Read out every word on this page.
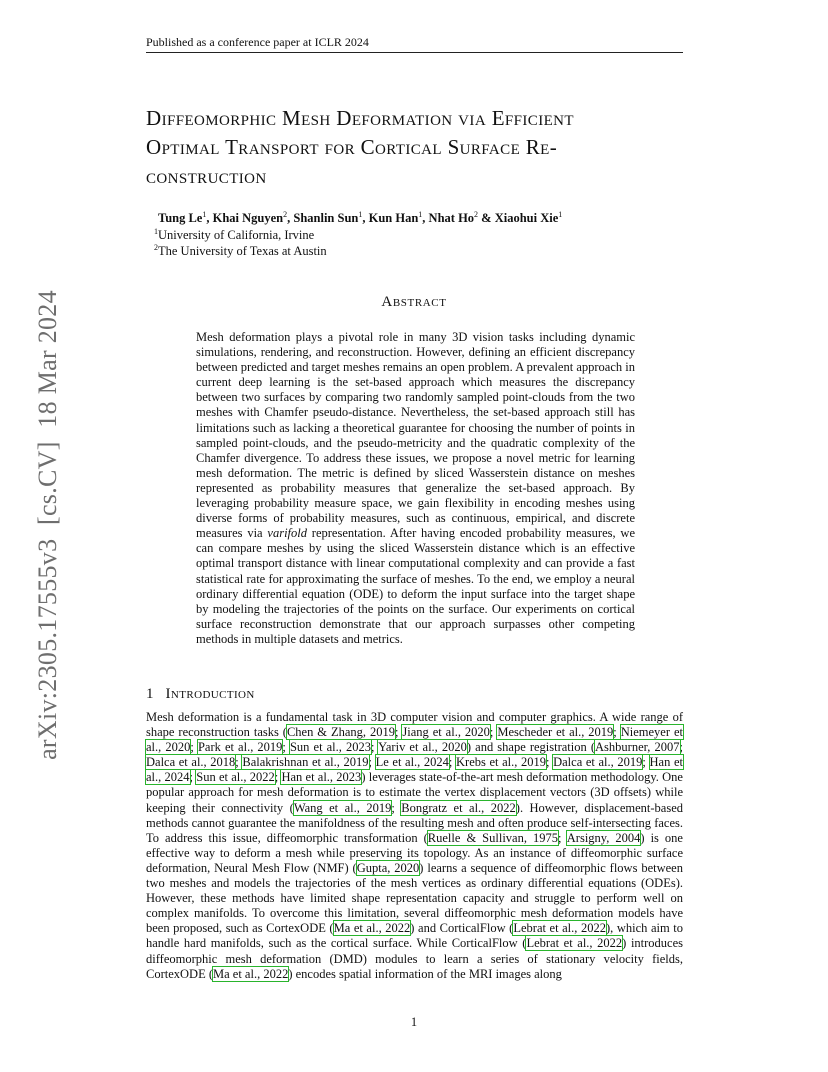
Published as a conference paper at ICLR 2024
arXiv:2305.17555v3  [cs.CV]  18 Mar 2024
Diffeomorphic Mesh Deformation via Efficient
Optimal Transport for Cortical Surface Re-
construction
Tung Le$^1$, Khai Nguyen$^2$, Shanlin Sun$^1$, Kun Han$^1$, Nhat Ho$^2$ & Xiaohui Xie$^1$
$^1$University of California, Irvine
$^2$The University of Texas at Austin
Abstract
Mesh deformation plays a pivotal role in many 3D vision tasks including dynamic simulations, rendering, and reconstruction. However, defining an efficient discrepancy between predicted and target meshes remains an open problem. A prevalent approach in current deep learning is the set-based approach which measures the discrepancy between two surfaces by comparing two randomly sampled point-clouds from the two meshes with Chamfer pseudo-distance. Nevertheless, the set-based approach still has limitations such as lacking a theoretical guarantee for choosing the number of points in sampled point-clouds, and the pseudo-metricity and the quadratic complexity of the Chamfer divergence. To address these issues, we propose a novel metric for learning mesh deformation. The metric is defined by sliced Wasserstein distance on meshes represented as probability measures that generalize the set-based approach. By leveraging probability measure space, we gain flexibility in encoding meshes using diverse forms of probability measures, such as continuous, empirical, and discrete measures via varifold representation. After having encoded probability measures, we can compare meshes by using the sliced Wasserstein distance which is an effective optimal transport distance with linear computational complexity and can provide a fast statistical rate for approximating the surface of meshes. To the end, we employ a neural ordinary differential equation (ODE) to deform the input surface into the target shape by modeling the trajectories of the points on the surface. Our experiments on cortical surface reconstruction demonstrate that our approach surpasses other competing methods in multiple datasets and metrics.
1 Introduction
Mesh deformation is a fundamental task in 3D computer vision and computer graphics. A wide range of shape reconstruction tasks (Chen & Zhang, 2019; Jiang et al., 2020; Mescheder et al., 2019; Niemeyer et al., 2020; Park et al., 2019; Sun et al., 2023; Yariv et al., 2020) and shape registration (Ashburner, 2007; Dalca et al., 2018; Balakrishnan et al., 2019; Le et al., 2024; Krebs et al., 2019; Dalca et al., 2019; Han et al., 2024; Sun et al., 2022; Han et al., 2023) leverages state-of-the-art mesh deformation methodology. One popular approach for mesh deformation is to estimate the vertex displacement vectors (3D offsets) while keeping their connectivity (Wang et al., 2019; Bongratz et al., 2022). However, displacement-based methods cannot guarantee the manifoldness of the resulting mesh and often produce self-intersecting faces. To address this issue, diffeomorphic transformation (Ruelle & Sullivan, 1975; Arsigny, 2004) is one effective way to deform a mesh while preserving its topology. As an instance of diffeomorphic surface deformation, Neural Mesh Flow (NMF) (Gupta, 2020) learns a sequence of diffeomorphic flows between two meshes and models the trajectories of the mesh vertices as ordinary differential equations (ODEs). However, these methods have limited shape representation capacity and struggle to perform well on complex manifolds. To overcome this limitation, several diffeomorphic mesh deformation models have been proposed, such as CortexODE (Ma et al., 2022) and CorticalFlow (Lebrat et al., 2022), which aim to handle hard manifolds, such as the cortical surface. While CorticalFlow (Lebrat et al., 2022) introduces diffeomorphic mesh deformation (DMD) modules to learn a series of stationary velocity fields, CortexODE (Ma et al., 2022) encodes spatial information of the MRI images along
1
